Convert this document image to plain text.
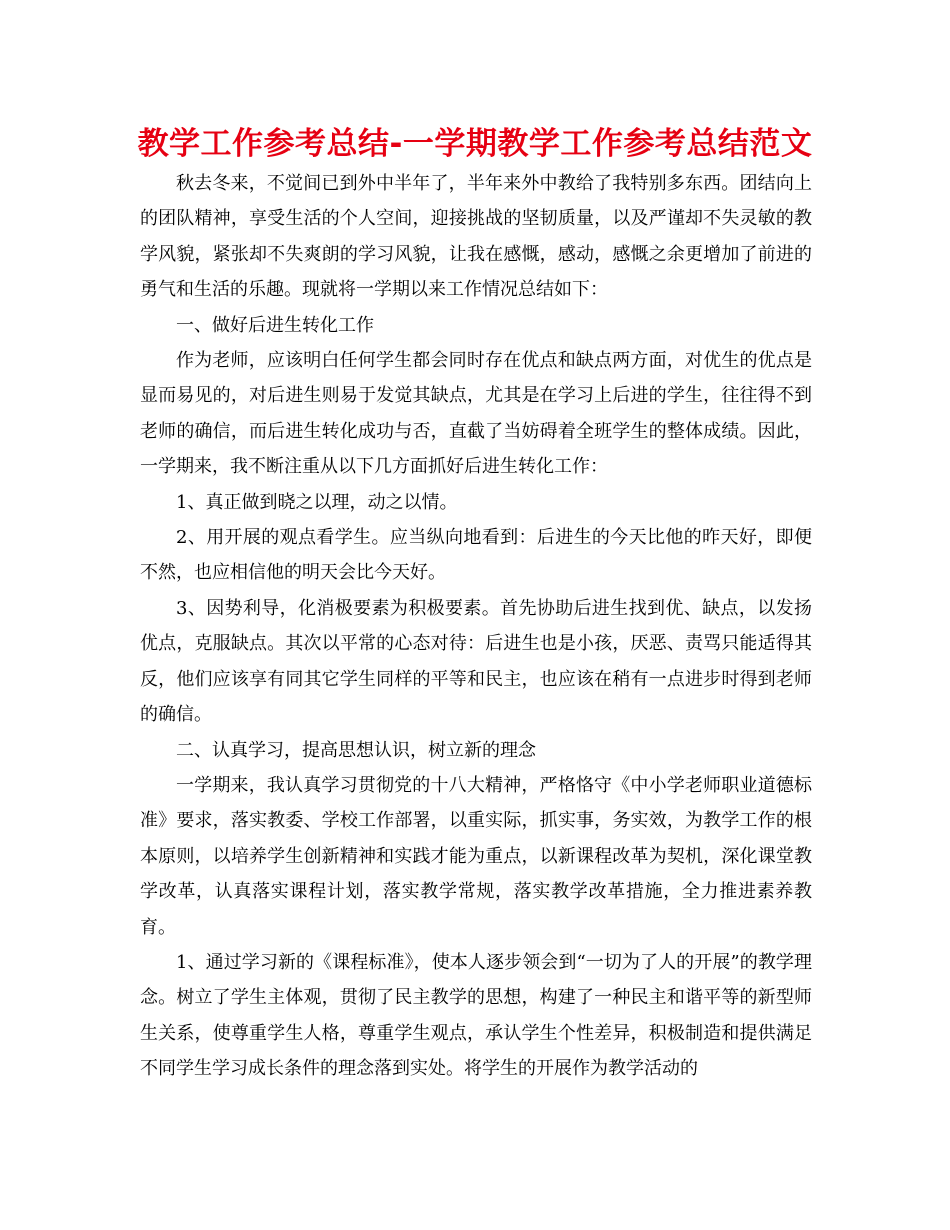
教学工作参考总结-一学期教学工作参考总结范文

秋去冬来，不觉间已到外中半年了，半年来外中教给了我特别多东西。团结向上的团队精神，享受生活的个人空间，迎接挑战的坚韧质量，以及严谨却不失灵敏的教学风貌，紧张却不失爽朗的学习风貌，让我在感慨，感动，感慨之余更增加了前进的勇气和生活的乐趣。现就将一学期以来工作情况总结如下：

一、做好后进生转化工作

作为老师，应该明白任何学生都会同时存在优点和缺点两方面，对优生的优点是显而易见的，对后进生则易于发觉其缺点，尤其是在学习上后进的学生，往往得不到老师的确信，而后进生转化成功与否，直截了当妨碍着全班学生的整体成绩。因此，一学期来，我不断注重从以下几方面抓好后进生转化工作：

1、真正做到晓之以理，动之以情。

2、用开展的观点看学生。应当纵向地看到：后进生的今天比他的昨天好，即便不然，也应相信他的明天会比今天好。

3、因势利导，化消极要素为积极要素。首先协助后进生找到优、缺点，以发扬优点，克服缺点。其次以平常的心态对待：后进生也是小孩，厌恶、责骂只能适得其反，他们应该享有同其它学生同样的平等和民主，也应该在稍有一点进步时得到老师的确信。

二、认真学习，提高思想认识，树立新的理念

一学期来，我认真学习贯彻党的十八大精神，严格恪守《中小学老师职业道德标准》要求，落实教委、学校工作部署，以重实际，抓实事，务实效，为教学工作的根本原则，以培养学生创新精神和实践才能为重点，以新课程改革为契机，深化课堂教学改革，认真落实课程计划，落实教学常规，落实教学改革措施，全力推进素养教育。

1、通过学习新的《课程标准》，使本人逐步领会到“一切为了人的开展”的教学理念。树立了学生主体观，贯彻了民主教学的思想，构建了一种民主和谐平等的新型师生关系，使尊重学生人格，尊重学生观点，承认学生个性差异，积极制造和提供满足不同学生学习成长条件的理念落到实处。将学生的开展作为教学活动的
